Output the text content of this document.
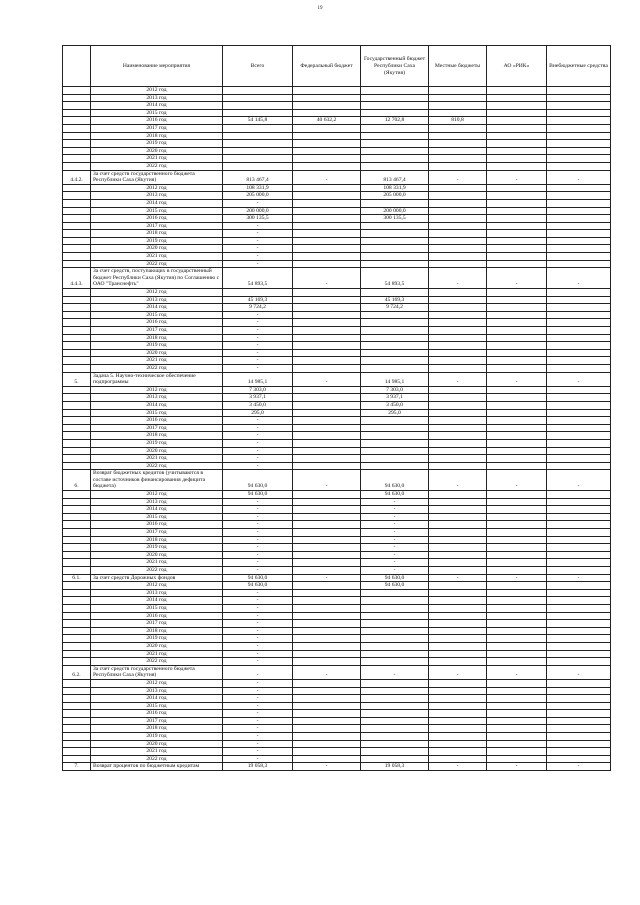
19
	Наименование мероприятия	Всего	Федеральный бюджет	Государственный бюджет Республики Саха (Якутия)	Местные бюджеты	АО «РИК»	Внебюджетные средства
	2012 год						
	2013 год						
	2014 год						
	2015 год						
	2016 год	54 145,8	40 632,2	12 702,8	810,8		
	2017 год						
	2018 год						
	2019 год						
	2020 год						
	2021 год						
	2022 год						
4.4.2.	За счет средств государственного бюджета Республики Саха (Якутия)	813 467,4	-	813 467,4	-	-	-
	2012 год	108 331,9		108 331,9			
	2013 год	205 000,0		205 000,0			
	2014 год	-					
	2015 год	200 000,0		200 000,0			
	2016 год	300 135,5		300 135,5			
	2017 год	-					
	2018 год	-					
	2019 год	-					
	2020 год	-					
	2021 год	-					
	2022 год	-					
4.4.3.	За счет средств, поступающих в государственный бюджет Республики Саха (Якутия) по Соглашению с ОАО "Транснефть"	54 893,5	-	54 893,5	-	-	-
	2012 год						
	2013 год	45 169,3		45 169,3			
	2014 год	9 724,2		9 724,2			
	2015 год	-					
	2016 год	-					
	2017 год	-					
	2018 год	-					
	2019 год	-					
	2020 год	-					
	2021 год	-					
	2022 год	-					
5.	Задача 5. Научно-техническое обеспечение подпрограммы	14 985,1	-	14 985,1	-	-	-
	2012 год	7 303,0		7 303,0			
	2013 год	3 937,1		3 937,1			
	2014 год	3 450,0		3 450,0			
	2015 год	295,0		295,0			
	2016 год	-					
	2017 год	-					
	2018 год	-					
	2019 год	-					
	2020 год	-					
	2021 год	-					
	2022 год	-					
6.	Возврат бюджетных кредитов (учитываются в составе источников финансирования дефицита бюджета)	94 630,0	-	94 630,0	-	-	-
	2012 год	94 630,0		94 630,0			
	2013 год	-		-			
	2014 год	-		-			
	2015 год	-		-			
	2016 год	-		-			
	2017 год	-		-			
	2018 год	-		-			
	2019 год	-		-			
	2020 год	-		-			
	2021 год	-		-			
	2022 год	-		-			
6.1.	За счет средств Дорожных фондов	94 630,0	-	94 630,0	-	-	-
	2012 год	94 630,0		94 630,0			
	2013 год	-					
	2014 год	-					
	2015 год	-					
	2016 год	-					
	2017 год	-					
	2018 год	-					
	2019 год	-					
	2020 год	-					
	2021 год	-					
	2022 год	-					
6.2.	За счет средств государственного бюджета Республики Саха (Якутия)	-	-	-	-	-	-
	2012 год	-					
	2013 год	-					
	2014 год	-					
	2015 год	-					
	2016 год	-					
	2017 год	-					
	2018 год	-					
	2019 год	-					
	2020 год	-					
	2021 год	-					
	2022 год	-					
7.	Возврат процентов по бюджетным кредитам	19 058,3	-	19 058,3	-	-	-
